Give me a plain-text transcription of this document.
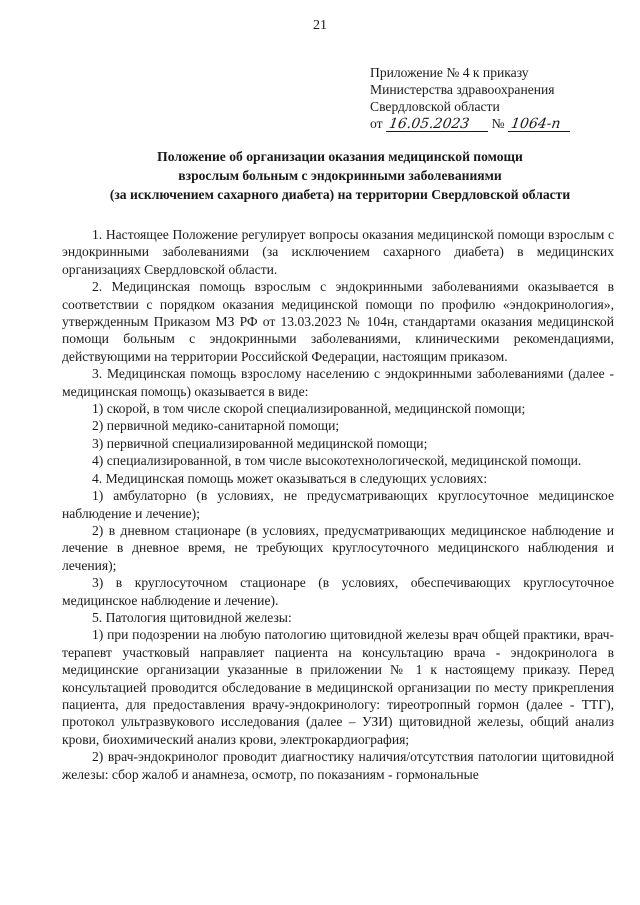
21
Приложение № 4 к приказу
Министерства здравоохранения
Свердловской области
от 16.05.2023	№ 1064-п
Положение об организации оказания медицинской помощи
взрослым больным с эндокринными заболеваниями
(за исключением сахарного диабета) на территории Свердловской области

1. Настоящее Положение регулирует вопросы оказания медицинской помощи взрослым с эндокринными заболеваниями (за исключением сахарного диабета) в медицинских организациях Свердловской области.

2. Медицинская помощь взрослым с эндокринными заболеваниями оказывается в соответствии с порядком оказания медицинской помощи по профилю «эндокринология», утвержденным Приказом МЗ РФ от 13.03.2023 № 104н, стандартами оказания медицинской помощи больным с эндокринными заболеваниями, клиническими рекомендациями, действующими на территории Российской Федерации, настоящим приказом.

3. Медицинская помощь взрослому населению с эндокринными заболеваниями (далее - медицинская помощь) оказывается в виде:

1) скорой, в том числе скорой специализированной, медицинской помощи;

2) первичной медико-санитарной помощи;

3) первичной специализированной медицинской помощи;

4) специализированной, в том числе высокотехнологической, медицинской помощи.

4. Медицинская помощь может оказываться в следующих условиях:

1) амбулаторно (в условиях, не предусматривающих круглосуточное медицинское наблюдение и лечение);

2) в дневном стационаре (в условиях, предусматривающих медицинское наблюдение и лечение в дневное время, не требующих круглосуточного медицинского наблюдения и лечения);

3) в круглосуточном стационаре (в условиях, обеспечивающих круглосуточное медицинское наблюдение и лечение).

5. Патология щитовидной железы:

1) при подозрении на любую патологию щитовидной железы врач общей практики, врач-терапевт участковый направляет пациента на консультацию врача - эндокринолога в медицинские организации указанные в приложении № 1 к настоящему приказу. Перед консультацией проводится обследование в медицинской организации по месту прикрепления пациента, для предоставления врачу-эндокринологу: тиреотропный гормон (далее - ТТГ), протокол ультразвукового исследования (далее – УЗИ) щитовидной железы, общий анализ крови, биохимический анализ крови, электрокардиография;

2) врач-эндокринолог проводит диагностику наличия/отсутствия патологии щитовидной железы: сбор жалоб и анамнеза, осмотр, по показаниям - гормональные
